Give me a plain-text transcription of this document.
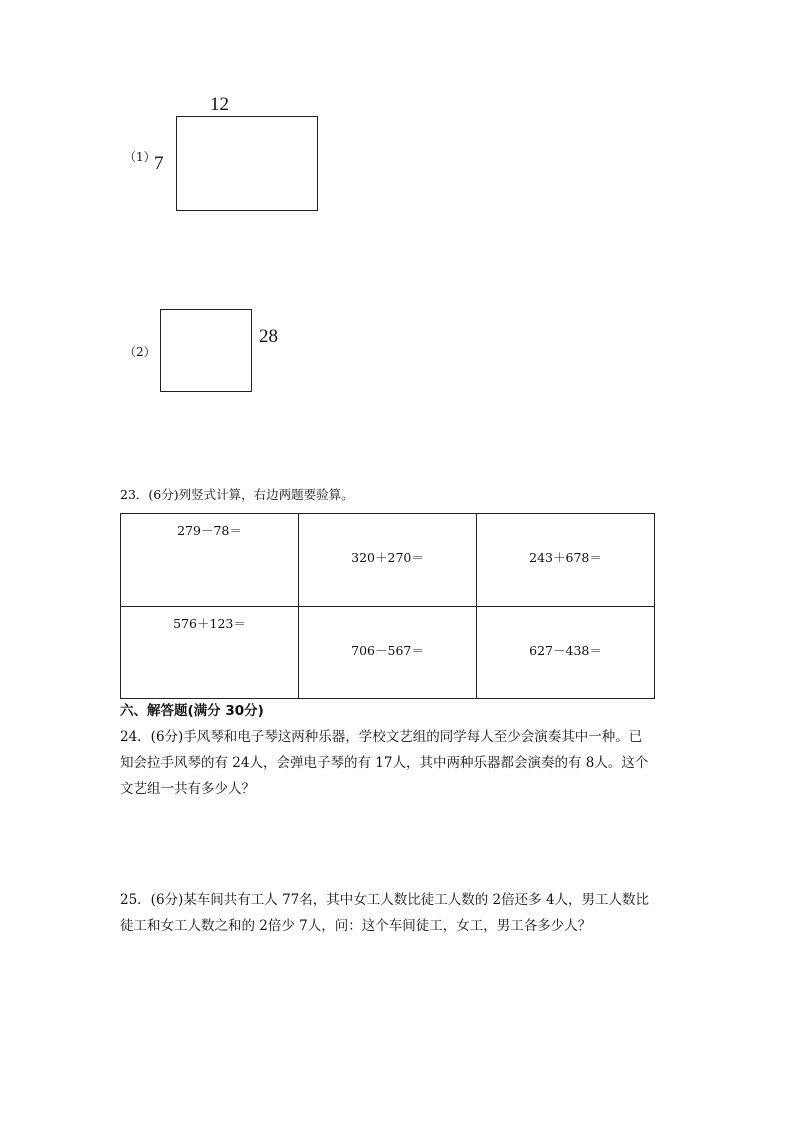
（1）
12
7
（2）
28
23．(6分)列竖式计算，右边两题要验算。
279－78＝	320＋270＝	243＋678＝

576＋123＝	706－567＝	627－438＝
六、解答题(满分 30分)
24．(6分)手风琴和电子琴这两种乐器，学校文艺组的同学每人至少会演奏其中一种。已
知会拉手风琴的有 24人，会弹电子琴的有 17人，其中两种乐器都会演奏的有 8人。这个
文艺组一共有多少人？
25．(6分)某车间共有工人 77名，其中女工人数比徒工人数的 2倍还多 4人，男工人数比
徒工和女工人数之和的 2倍少 7人，问：这个车间徒工，女工，男工各多少人？
